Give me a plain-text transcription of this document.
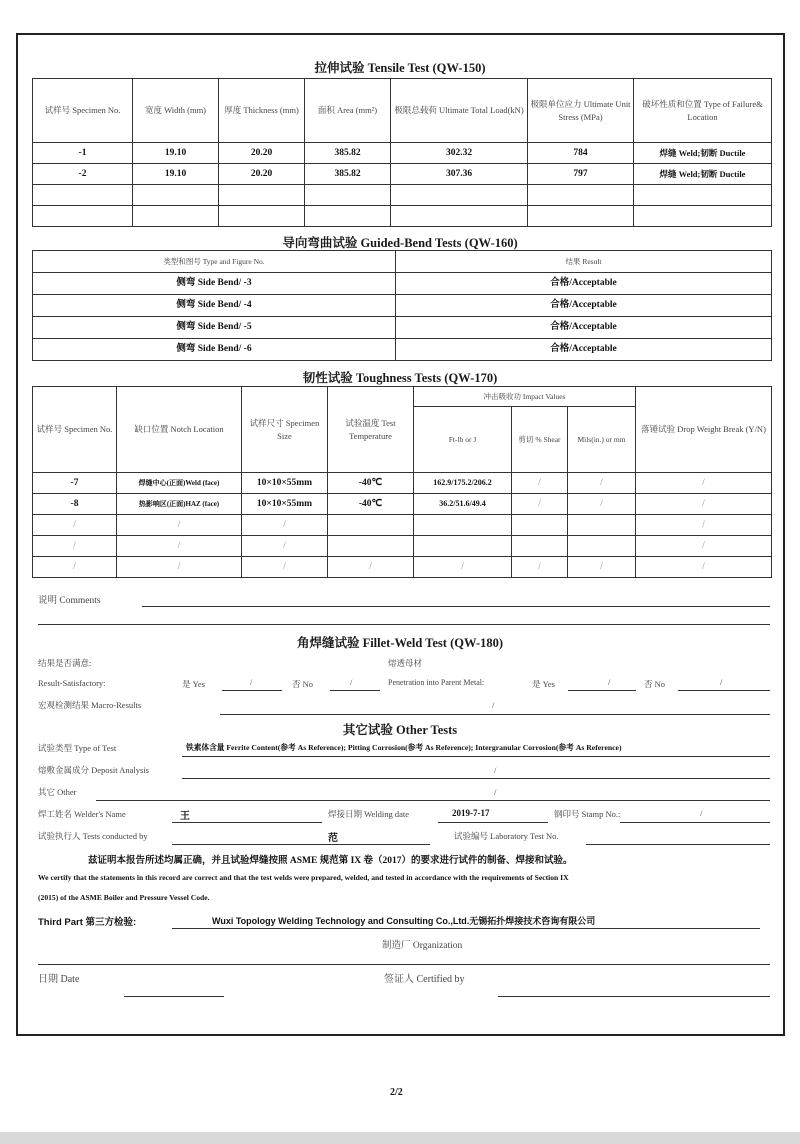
拉伸试验 Tensile Test (QW-150)
试样号 Specimen No.	宽度 Width (mm)	厚度 Thickness (mm)	面积 Area (mm²)	极限总载荷 Ultimate Total Load(kN)	极限单位应力 Ultimate Unit Stress (MPa)	破坏性质和位置 Type of Failure& Location
-1	19.10	20.20	385.82	302.32	784	焊缝 Weld;韧断 Ductile
-2	19.10	20.20	385.82	307.36	797	焊缝 Weld;韧断 Ductile

导向弯曲试验 Guided-Bend Tests (QW-160)
类型和图号 Type and Figure No.	结果 Result
侧弯 Side Bend/ -3	合格/Acceptable
侧弯 Side Bend/ -4	合格/Acceptable
侧弯 Side Bend/ -5	合格/Acceptable
侧弯 Side Bend/ -6	合格/Acceptable
韧性试验 Toughness Tests (QW-170)
试样号 Specimen No.	缺口位置 Notch Location	试样尺寸 Specimen Size	试验温度 Test Temperature	冲击吸收功 Impact Values			落锤试验 Drop Weight Break (Y/N)
				Ft-lb or J	剪切 % Shear	Mils(in.) or mm	
-7	焊缝中心(正面)Weld (face)	10×10×55mm	-40℃	162.9/175.2/206.2	/	/	/
-8	热影响区(正面)HAZ (face)	10×10×55mm	-40℃	36.2/51.6/49.4	/	/	/
/	/	/					/
/	/	/					/
/	/	/	/	/	/	/	/
说明 Comments
角焊缝试验 Fillet-Weld Test (QW-180)
结果是否满意:	熔透母材
Result-Satisfactory:	是 Yes	/	否 No	/	Penetration into Parent Metal:	是 Yes	/	否 No	/
宏观检测结果 Macro-Results	/
其它试验 Other Tests
试验类型 Type of Test	铁素体含量 Ferrite Content(参考 As Reference); Pitting Corrosion(参考 As Reference); Intergranular Corrosion(参考 As Reference)
熔敷金属成分 Deposit Analysis	/
其它 Other	/
焊工姓名 Welder's Name	王	焊接日期 Welding date	2019-7-17	钢印号 Stamp No.:	/
试验执行人 Tests conducted by	范	试验编号 Laboratory Test No.
兹证明本报告所述均属正确，并且试验焊缝按照 ASME 规范第 IX 卷（2017）的要求进行试件的制备、焊接和试验。
We certify that the statements in this record are correct and that the test welds were prepared, welded, and tested in accordance with the requirements of Section IX
(2015) of the ASME Boiler and Pressure Vessel Code.
Third Part 第三方检验:	Wuxi Topology Welding Technology and Consulting Co.,Ltd.无锡拓扑焊接技术咨询有限公司
制造厂 Organization
日期 Date	签证人 Certified by
2/2
